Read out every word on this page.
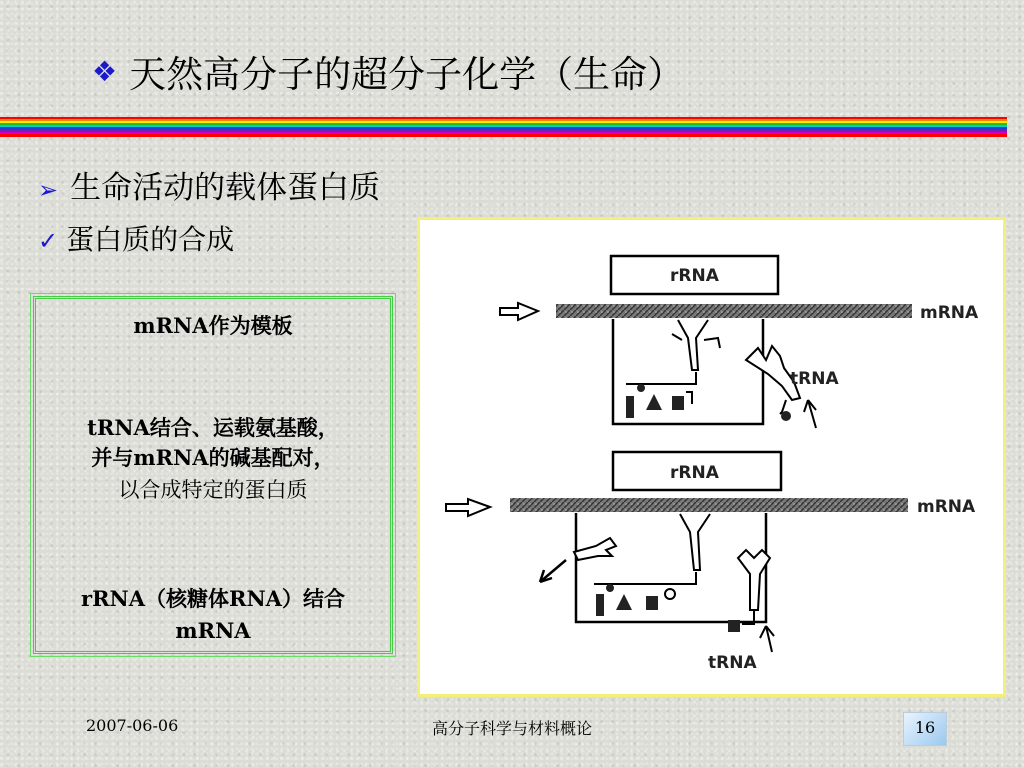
❖ 天然高分子的超分子化学（生命）
➢ 生命活动的载体蛋白质
✓ 蛋白质的合成
mRNA作为模板
tRNA结合、运载氨基酸，
并与mRNA的碱基配对，
以合成特定的蛋白质
rRNA（核糖体RNA）结合
mRNA
rRNA
mRNA
tRNA
rRNA
mRNA
tRNA
2007-06-06	高分子科学与材料概论	16
